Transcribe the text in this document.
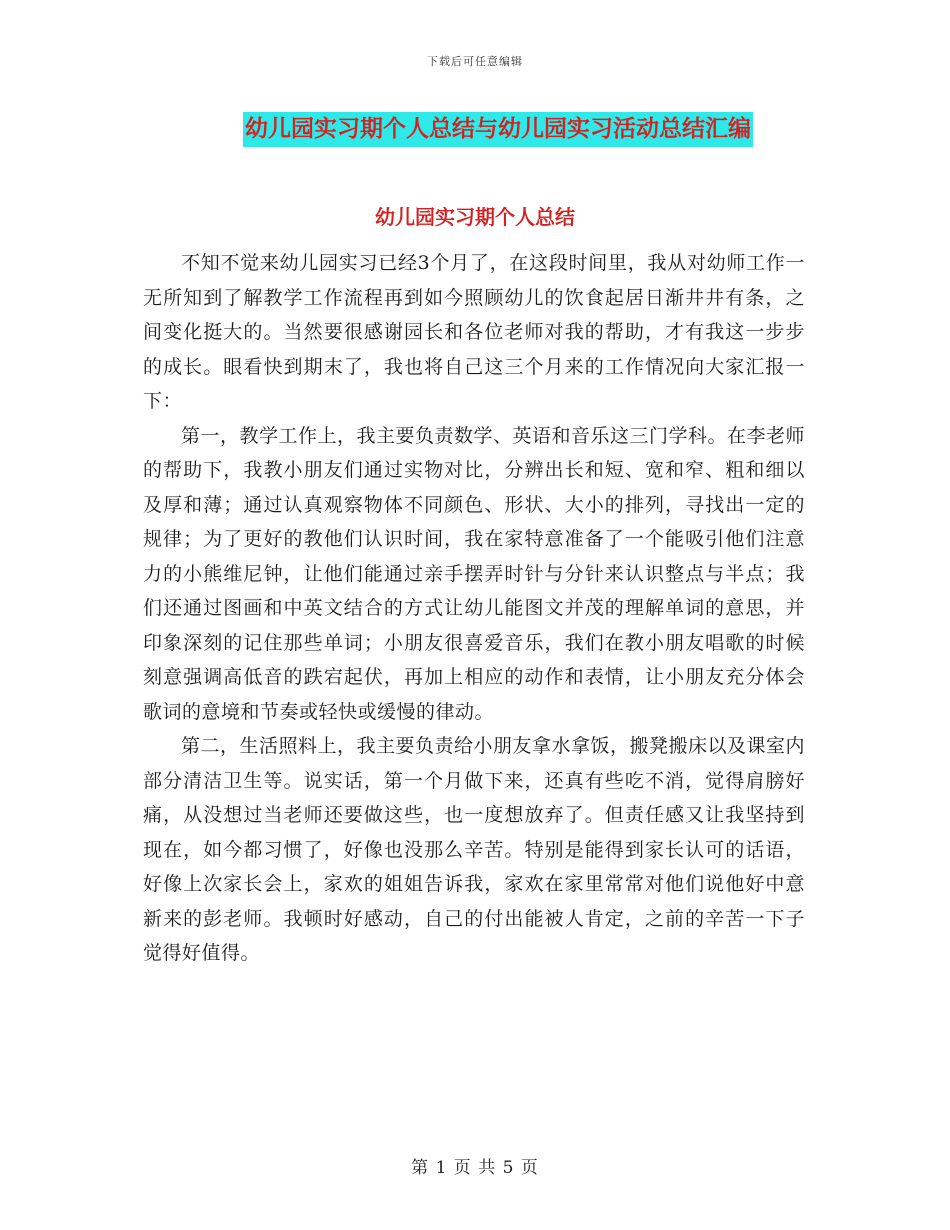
下载后可任意编辑
幼儿园实习期个人总结与幼儿园实习活动总结汇编
幼儿园实习期个人总结

不知不觉来幼儿园实习已经3个月了，在这段时间里，我从对幼师工作一无所知到了解教学工作流程再到如今照顾幼儿的饮食起居日渐井井有条，之间变化挺大的。当然要很感谢园长和各位老师对我的帮助，才有我这一步步的成长。眼看快到期末了，我也将自己这三个月来的工作情况向大家汇报一下：

第一，教学工作上，我主要负责数学、英语和音乐这三门学科。在李老师的帮助下，我教小朋友们通过实物对比，分辨出长和短、宽和窄、粗和细以及厚和薄；通过认真观察物体不同颜色、形状、大小的排列，寻找出一定的规律；为了更好的教他们认识时间，我在家特意准备了一个能吸引他们注意力的小熊维尼钟，让他们能通过亲手摆弄时针与分针来认识整点与半点；我们还通过图画和中英文结合的方式让幼儿能图文并茂的理解单词的意思，并印象深刻的记住那些单词；小朋友很喜爱音乐，我们在教小朋友唱歌的时候刻意强调高低音的跌宕起伏，再加上相应的动作和表情，让小朋友充分体会歌词的意境和节奏或轻快或缓慢的律动。

第二，生活照料上，我主要负责给小朋友拿水拿饭，搬凳搬床以及课室内部分清洁卫生等。说实话，第一个月做下来，还真有些吃不消，觉得肩膀好痛，从没想过当老师还要做这些，也一度想放弃了。但责任感又让我坚持到现在，如今都习惯了，好像也没那么辛苦。特别是能得到家长认可的话语，好像上次家长会上，家欢的姐姐告诉我，家欢在家里常常对他们说他好中意新来的彭老师。我顿时好感动，自己的付出能被人肯定，之前的辛苦一下子觉得好值得。

第 1 页 共 5 页
